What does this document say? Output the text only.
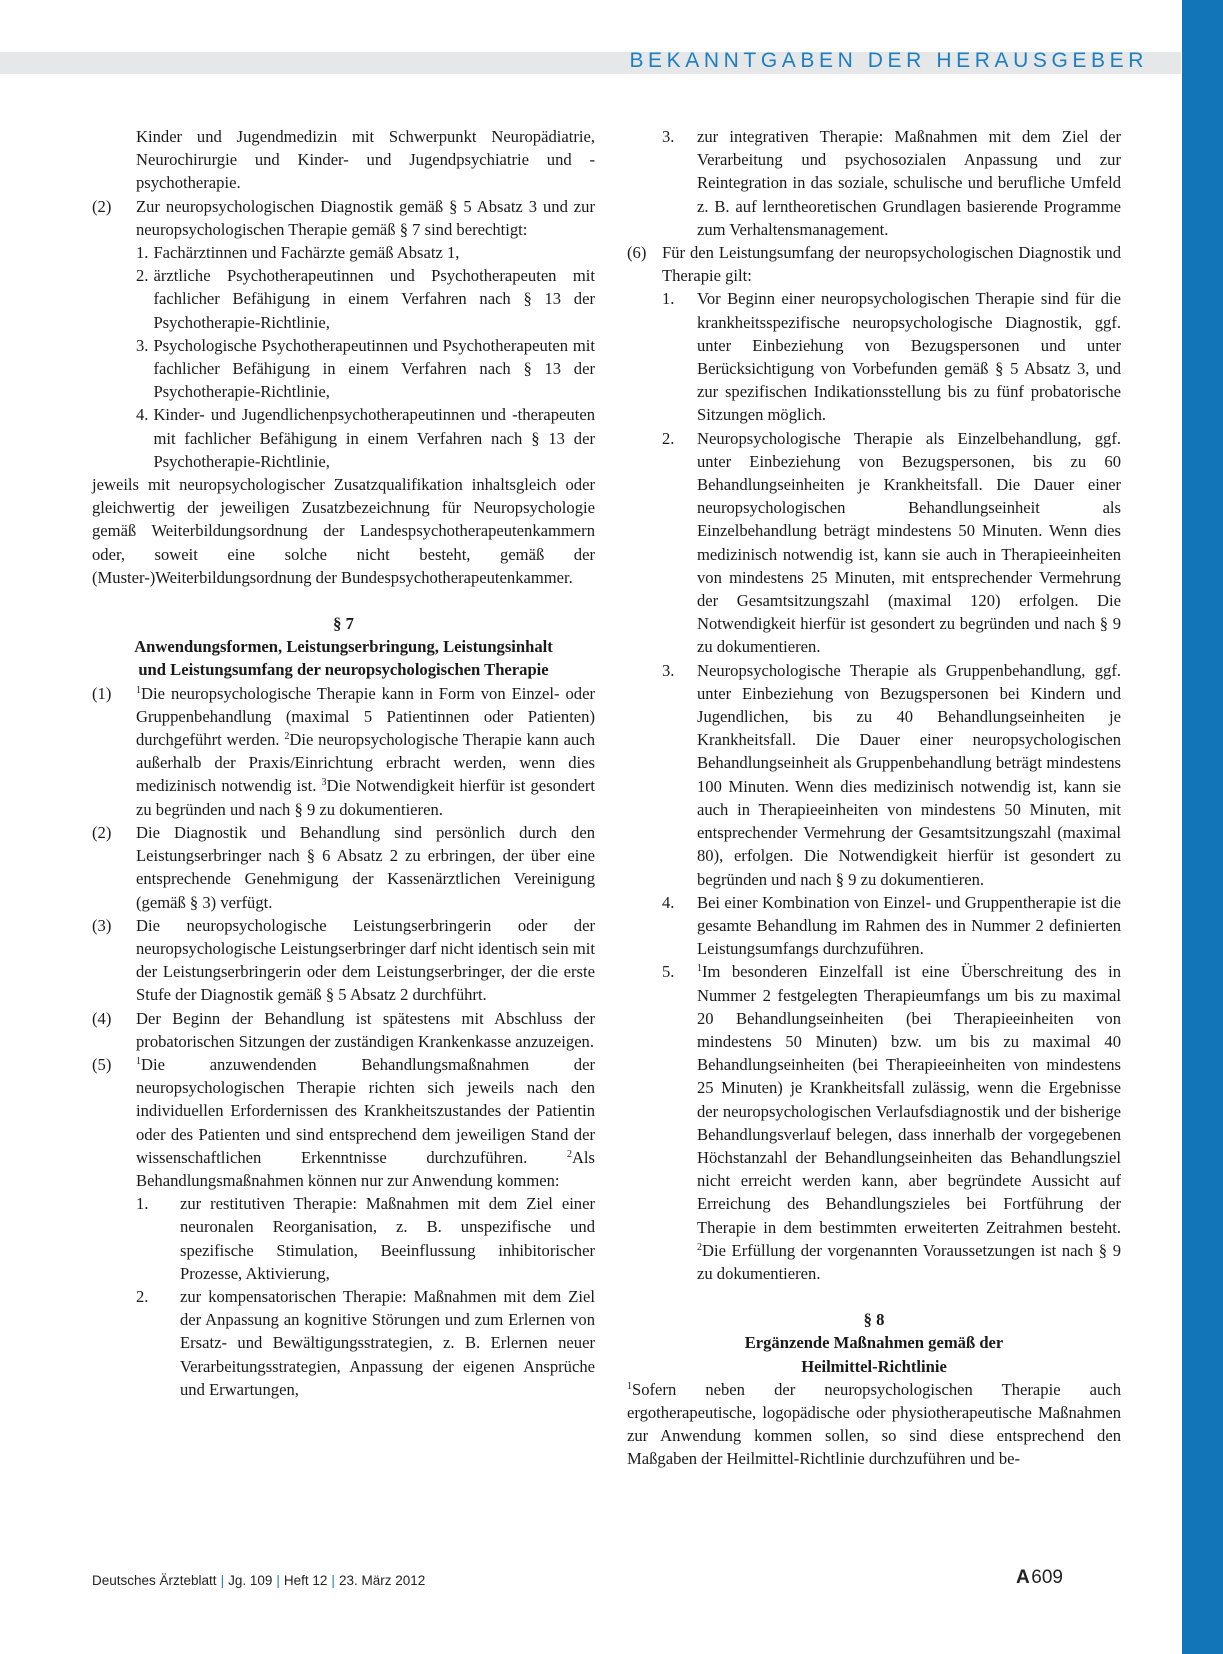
BEKANNTGABEN DER HERAUSGEBER
Kinder und Jugendmedizin mit Schwerpunkt Neuropädiatrie, Neurochirurgie und Kinder- und Jugendpsychiatrie und -psychotherapie.
(2)	Zur neuropsychologischen Diagnostik gemäß § 5 Absatz 3 und zur neuropsychologischen Therapie gemäß § 7 sind berechtigt:
1. Fachärztinnen und Fachärzte gemäß Absatz 1,
2. ärztliche Psychotherapeutinnen und Psychotherapeuten mit fachlicher Befähigung in einem Verfahren nach § 13 der Psychotherapie-Richtlinie,
3. Psychologische Psychotherapeutinnen und Psychotherapeuten mit fachlicher Befähigung in einem Verfahren nach § 13 der Psychotherapie-Richtlinie,
4. Kinder- und Jugendlichenpsychotherapeutinnen und -therapeuten mit fachlicher Befähigung in einem Verfahren nach § 13 der Psychotherapie-Richtlinie,

jeweils mit neuropsychologischer Zusatzqualifikation inhaltsgleich oder gleichwertig der jeweiligen Zusatzbezeichnung für Neuropsychologie gemäß Weiterbildungsordnung der Landespsychotherapeutenkammern oder, soweit eine solche nicht besteht, gemäß der (Muster-)Weiterbildungsordnung der Bundespsychotherapeutenkammer.

§ 7
Anwendungsformen, Leistungserbringung, Leistungsinhalt
und Leistungsumfang der neuropsychologischen Therapie
(1)	$^1$Die neuropsychologische Therapie kann in Form von Einzel- oder Gruppenbehandlung (maximal 5 Patientinnen oder Patienten) durchgeführt werden. $^2$Die neuropsychologische Therapie kann auch außerhalb der Praxis/Einrichtung erbracht werden, wenn dies medizinisch notwendig ist. $^3$Die Notwendigkeit hierfür ist gesondert zu begründen und nach § 9 zu dokumentieren.
(2)	Die Diagnostik und Behandlung sind persönlich durch den Leistungserbringer nach § 6 Absatz 2 zu erbringen, der über eine entsprechende Genehmigung der Kassenärztlichen Vereinigung (gemäß § 3) verfügt.
(3)	Die neuropsychologische Leistungserbringerin oder der neuropsychologische Leistungserbringer darf nicht identisch sein mit der Leistungserbringerin oder dem Leistungserbringer, der die erste Stufe der Diagnostik gemäß § 5 Absatz 2 durchführt.
(4)	Der Beginn der Behandlung ist spätestens mit Abschluss der probatorischen Sitzungen der zuständigen Krankenkasse anzuzeigen.
(5)	$^1$Die anzuwendenden Behandlungsmaßnahmen der neuropsychologischen Therapie richten sich jeweils nach den individuellen Erfordernissen des Krankheitszustandes der Patientin oder des Patienten und sind entsprechend dem jeweiligen Stand der wissenschaftlichen Erkenntnisse durchzuführen. $^2$Als Behandlungsmaßnahmen können nur zur Anwendung kommen:
1.	zur restitutiven Therapie: Maßnahmen mit dem Ziel einer neuronalen Reorganisation, z. B. unspezifische und spezifische Stimulation, Beeinflussung inhibitorischer Prozesse, Aktivierung,
2.	zur kompensatorischen Therapie: Maßnahmen mit dem Ziel der Anpassung an kognitive Störungen und zum Erlernen von Ersatz- und Bewältigungsstrategien, z. B. Erlernen neuer Verarbeitungsstrategien, Anpassung der eigenen Ansprüche und Erwartungen,
3.	zur integrativen Therapie: Maßnahmen mit dem Ziel der Verarbeitung und psychosozialen Anpassung und zur Reintegration in das soziale, schulische und berufliche Umfeld z. B. auf lerntheoretischen Grundlagen basierende Programme zum Verhaltensmanagement.
(6) Für den Leistungsumfang der neuropsychologischen Diagnostik und Therapie gilt:
1.	Vor Beginn einer neuropsychologischen Therapie sind für die krankheitsspezifische neuropsychologische Diagnostik, ggf. unter Einbeziehung von Bezugspersonen und unter Berücksichtigung von Vorbefunden gemäß § 5 Absatz 3, und zur spezifischen Indikationsstellung bis zu fünf probatorische Sitzungen möglich.
2.	Neuropsychologische Therapie als Einzelbehandlung, ggf. unter Einbeziehung von Bezugspersonen, bis zu 60 Behandlungseinheiten je Krankheitsfall. Die Dauer einer neuropsychologischen Behandlungseinheit als Einzelbehandlung beträgt mindestens 50 Minuten. Wenn dies medizinisch notwendig ist, kann sie auch in Therapieeinheiten von mindestens 25 Minuten, mit entsprechender Vermehrung der Gesamtsitzungszahl (maximal 120) erfolgen. Die Notwendigkeit hierfür ist gesondert zu begründen und nach § 9 zu dokumentieren.
3.	Neuropsychologische Therapie als Gruppenbehandlung, ggf. unter Einbeziehung von Bezugspersonen bei Kindern und Jugendlichen, bis zu 40 Behandlungseinheiten je Krankheitsfall. Die Dauer einer neuropsychologischen Behandlungseinheit als Gruppenbehandlung beträgt mindestens 100 Minuten. Wenn dies medizinisch notwendig ist, kann sie auch in Therapieeinheiten von mindestens 50 Minuten, mit entsprechender Vermehrung der Gesamtsitzungszahl (maximal 80), erfolgen. Die Notwendigkeit hierfür ist gesondert zu begründen und nach § 9 zu dokumentieren.
4.	Bei einer Kombination von Einzel- und Gruppentherapie ist die gesamte Behandlung im Rahmen des in Nummer 2 definierten Leistungsumfangs durchzuführen.
5.	$^1$Im besonderen Einzelfall ist eine Überschreitung des in Nummer 2 festgelegten Therapieumfangs um bis zu maximal 20 Behandlungseinheiten (bei Therapieeinheiten von mindestens 50 Minuten) bzw. um bis zu maximal 40 Behandlungseinheiten (bei Therapieeinheiten von mindestens 25 Minuten) je Krankheitsfall zulässig, wenn die Ergebnisse der neuropsychologischen Verlaufsdiagnostik und der bisherige Behandlungsverlauf belegen, dass innerhalb der vorgegebenen Höchstanzahl der Behandlungseinheiten das Behandlungsziel nicht erreicht werden kann, aber begründete Aussicht auf Erreichung des Behandlungszieles bei Fortführung der Therapie in dem bestimmten erweiterten Zeitrahmen besteht. $^2$Die Erfüllung der vorgenannten Voraussetzungen ist nach § 9 zu dokumentieren.
§ 8
Ergänzende Maßnahmen gemäß der
Heilmittel-Richtlinie

$^1$Sofern neben der neuropsychologischen Therapie auch ergotherapeutische, logopädische oder physiotherapeutische Maßnahmen zur Anwendung kommen sollen, so sind diese entsprechend den Maßgaben der Heilmittel-Richtlinie durchzuführen und be-

Deutsches Ärzteblatt | Jg. 109 | Heft 12 | 23. März 2012	A 609
